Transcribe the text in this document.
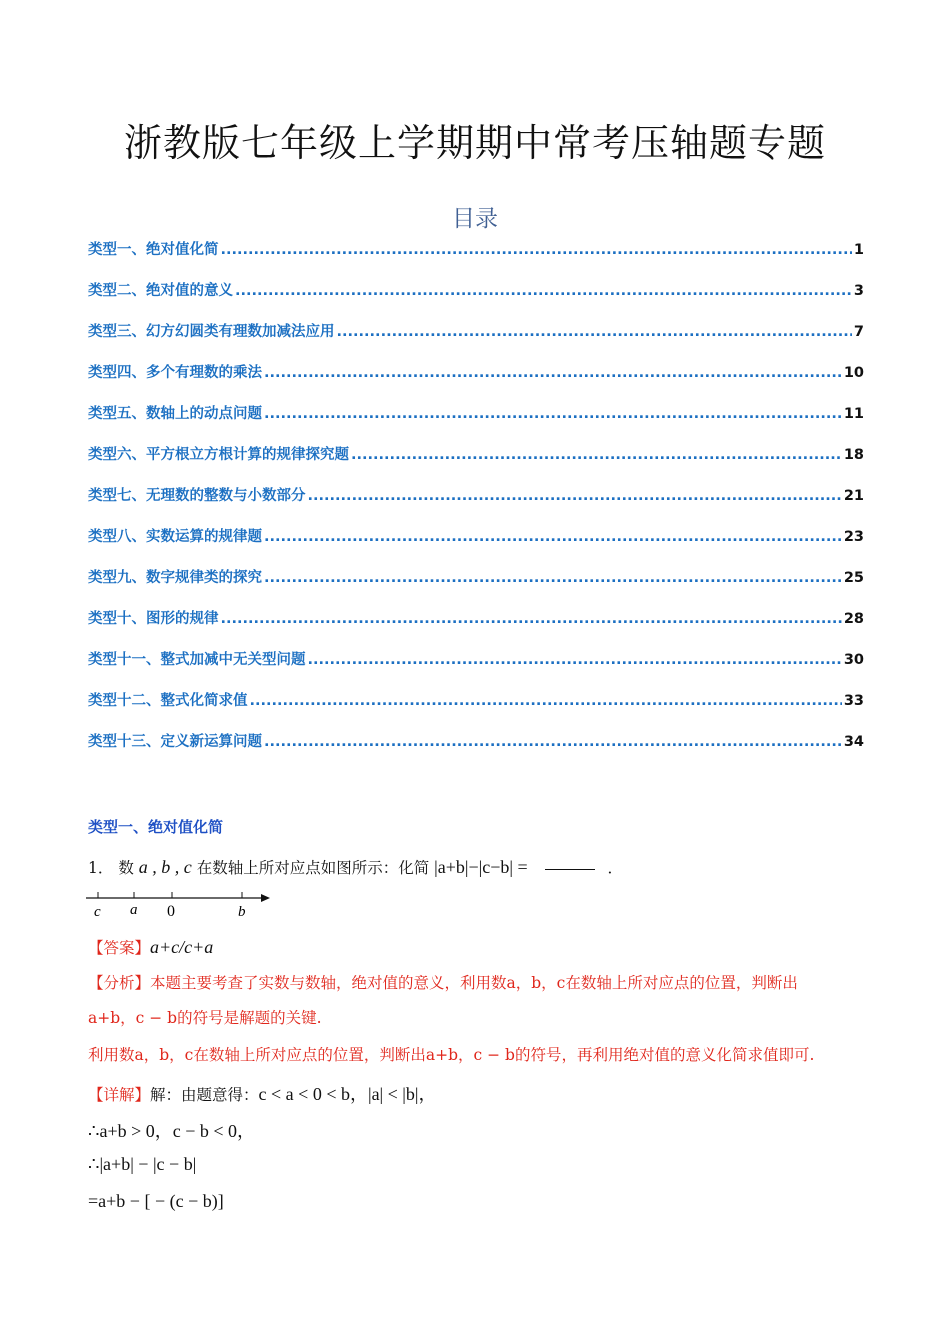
浙教版七年级上学期期中常考压轴题专题
目录
类型一、绝对值化简 .....	1
类型二、绝对值的意义 .....	3
类型三、幻方幻圆类有理数加减法应用 .....	7
类型四、多个有理数的乘法 .....	10
类型五、数轴上的动点问题 .....	11
类型六、平方根立方根计算的规律探究题 .....	18
类型七、无理数的整数与小数部分 .....	21
类型八、实数运算的规律题 .....	23
类型九、数字规律类的探究 .....	25
类型十、图形的规律 .....	28
类型十一、整式加减中无关型问题 .....	30
类型十二、整式化简求值 .....	33
类型十三、定义新运算问题 .....	34
类型一、绝对值化简
1． 数 a , b , c 在数轴上所对应点如图所示：化简 |a+b|−|c−b| =	．
c a 0	b
【答案】a+c/c+a
【分析】本题主要考查了实数与数轴，绝对值的意义，利用数a，b，c在数轴上所对应点的位置，判断出
a+b，c − b的符号是解题的关键.
利用数a，b，c在数轴上所对应点的位置，判断出a+b，c − b的符号，再利用绝对值的意义化简求值即可.
【详解】解：由题意得：c < a < 0 < b，|a| < |b|，
∴a+b > 0，c − b < 0，
∴|a+b| − |c − b|
=a+b − [ − (c − b)]
